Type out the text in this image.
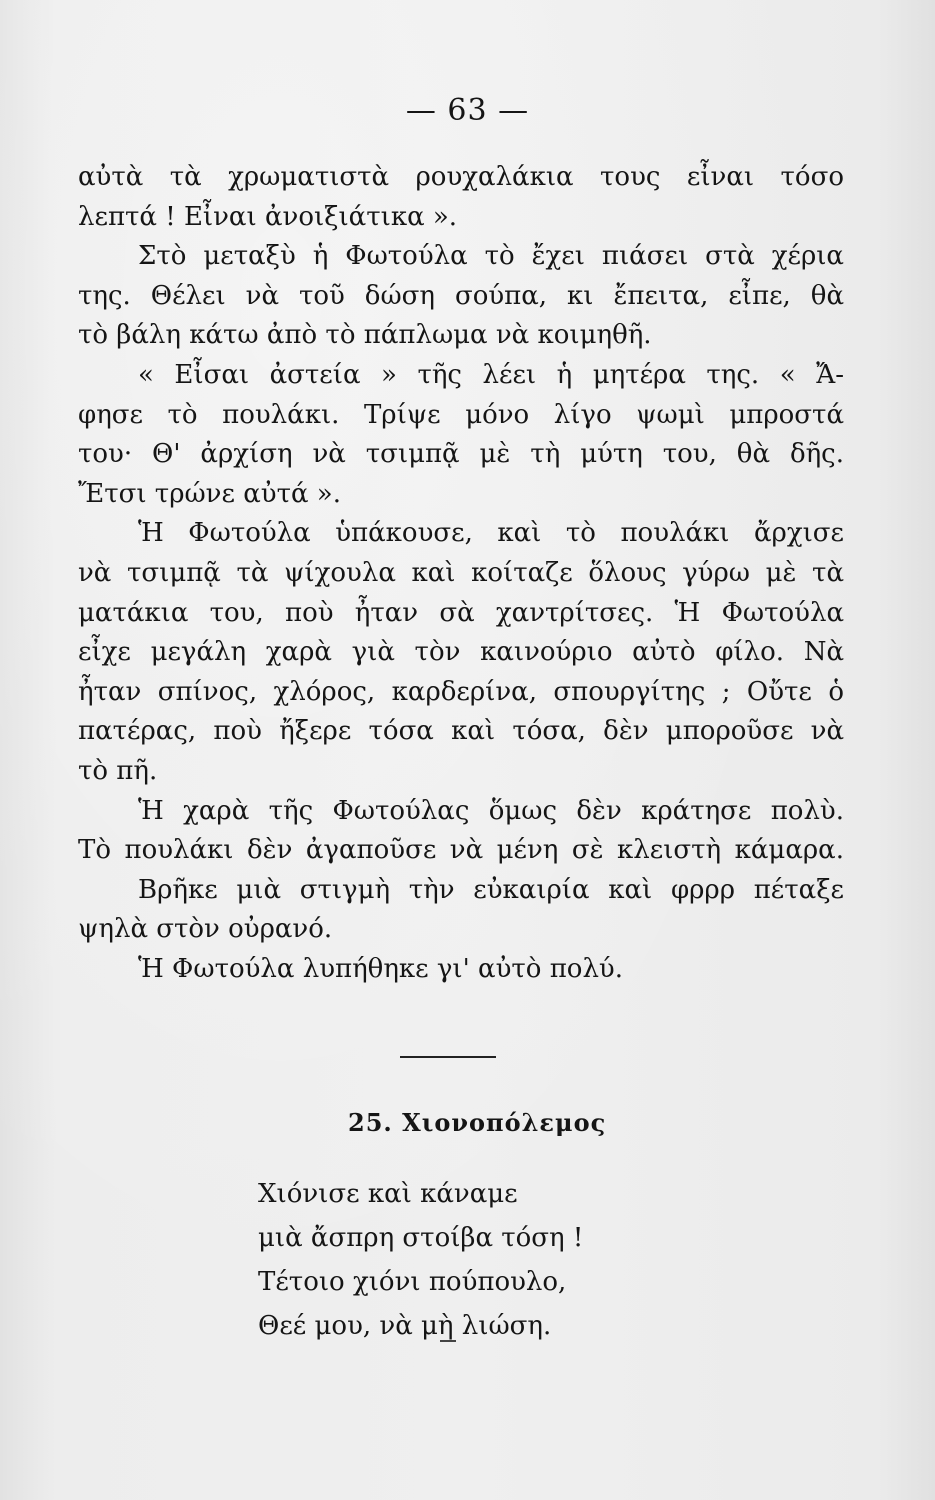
— 63 —
αὐτὰ τὰ χρωματιστὰ ρουχαλάκια τους εἶναι τόσο
λεπτά ! Εἶναι ἀνοιξιάτικα ».
Στὸ μεταξὺ ἡ Φωτούλα τὸ ἔχει πιάσει στὰ χέρια
της. Θέλει νὰ τοῦ δώση σούπα, κι ἔπειτα, εἶπε, θὰ
τὸ βάλη κάτω ἀπὸ τὸ πάπλωμα νὰ κοιμηθῆ.
« Εἶσαι ἀστεία » τῆς λέει ἡ μητέρα της. « Ἄ-
φησε τὸ πουλάκι. Τρίψε μόνο λίγο ψωμὶ μπροστά
του· Θ' ἀρχίση νὰ τσιμπᾷ μὲ τὴ μύτη του, θὰ δῆς.
Ἔτσι τρώνε αὐτά ».
Ἡ Φωτούλα ὑπάκουσε, καὶ τὸ πουλάκι ἄρχισε
νὰ τσιμπᾷ τὰ ψίχουλα καὶ κοίταζε ὅλους γύρω μὲ τὰ
ματάκια του, ποὺ ἦταν σὰ χαντρίτσες. Ἡ Φωτούλα
εἶχε μεγάλη χαρὰ γιὰ τὸν καινούριο αὐτὸ φίλο. Νὰ
ἦταν σπίνος, χλόρος, καρδερίνα, σπουργίτης ; Οὔτε ὁ
πατέρας, ποὺ ἤξερε τόσα καὶ τόσα, δὲν μποροῦσε νὰ
τὸ πῆ.
Ἡ χαρὰ τῆς Φωτούλας ὅμως δὲν κράτησε πολὺ.
Τὸ πουλάκι δὲν ἀγαποῦσε νὰ μένη σὲ κλειστὴ κάμαρα.
Βρῆκε μιὰ στιγμὴ τὴν εὐκαιρία καὶ φρρρ πέταξε
ψηλὰ στὸν οὐρανό.
Ἡ Φωτούλα λυπήθηκε γι' αὐτὸ πολύ.
25. Χιονοπόλεμος
Χιόνισε καὶ κάναμε
μιὰ ἄσπρη στοίβα τόση !
Τέτοιο χιόνι πούπουλο,
Θεέ μου, νὰ μὴ λιώση.
